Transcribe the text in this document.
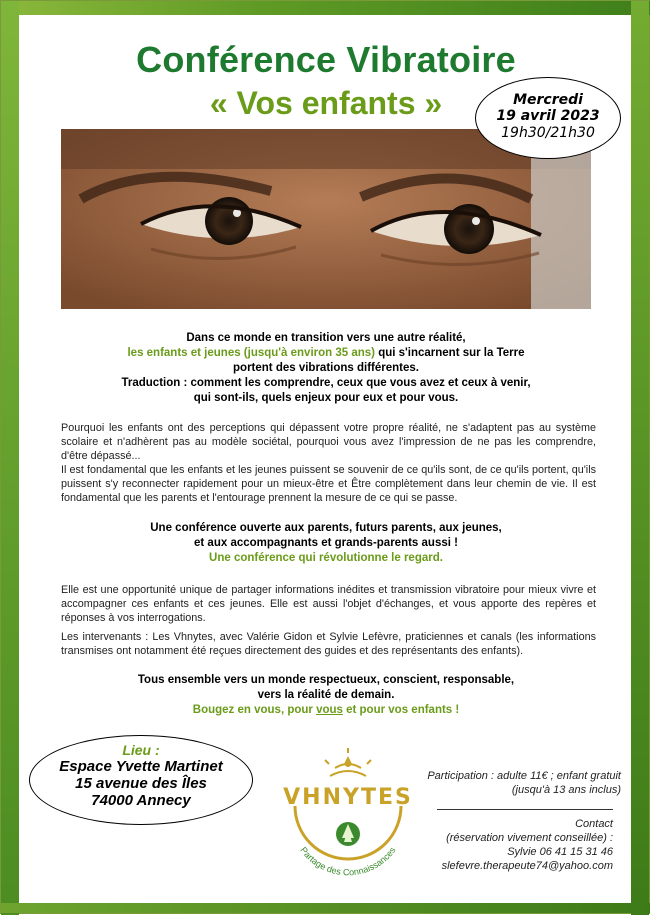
Conférence Vibratoire
« Vos enfants »	Mercredi
19 avril 2023
19h30/21h30
Dans ce monde en transition vers une autre réalité,
les enfants et jeunes (jusqu'à environ 35 ans) qui s'incarnent sur la Terre
portent des vibrations différentes.
Traduction : comment les comprendre, ceux que vous avez et ceux à venir,
qui sont-ils, quels enjeux pour eux et pour vous.

Pourquoi les enfants ont des perceptions qui dépassent votre propre réalité, ne s'adaptent pas au système scolaire et n'adhèrent pas au modèle sociétal, pourquoi vous avez l'impression de ne pas les comprendre, d'être dépassé...

Il est fondamental que les enfants et les jeunes puissent se souvenir de ce qu'ils sont, de ce qu'ils portent, qu'ils puissent s'y reconnecter rapidement pour un mieux-être et Être complètement dans leur chemin de vie. Il est fondamental que les parents et l'entourage prennent la mesure de ce qui se passe.

Une conférence ouverte aux parents, futurs parents, aux jeunes,
et aux accompagnants et grands-parents aussi !
Une conférence qui révolutionne le regard.

Elle est une opportunité unique de partager informations inédites et transmission vibratoire pour mieux vivre et accompagner ces enfants et ces jeunes. Elle est aussi l'objet d'échanges, et vous apporte des repères et réponses à vos interrogations.

Les intervenants : Les Vhnytes, avec Valérie Gidon et Sylvie Lefèvre, praticiennes et canals (les informations transmises ont notamment été reçues directement des guides et des représentants des enfants).

Tous ensemble vers un monde respectueux, conscient, responsable,
vers la réalité de demain.
Bougez en vous, pour vous et pour vos enfants !
Lieu :
Espace Yvette Martinet
15 avenue des Îles
74000 Annecy	VHNYTES
Partage des Connaissances
Participation : adulte 11€ ; enfant gratuit (jusqu'à 13 ans inclus)
Contact
(réservation vivement conseillée) :
Sylvie 06 41 15 31 46
slefevre.therapeute74@yahoo.com
